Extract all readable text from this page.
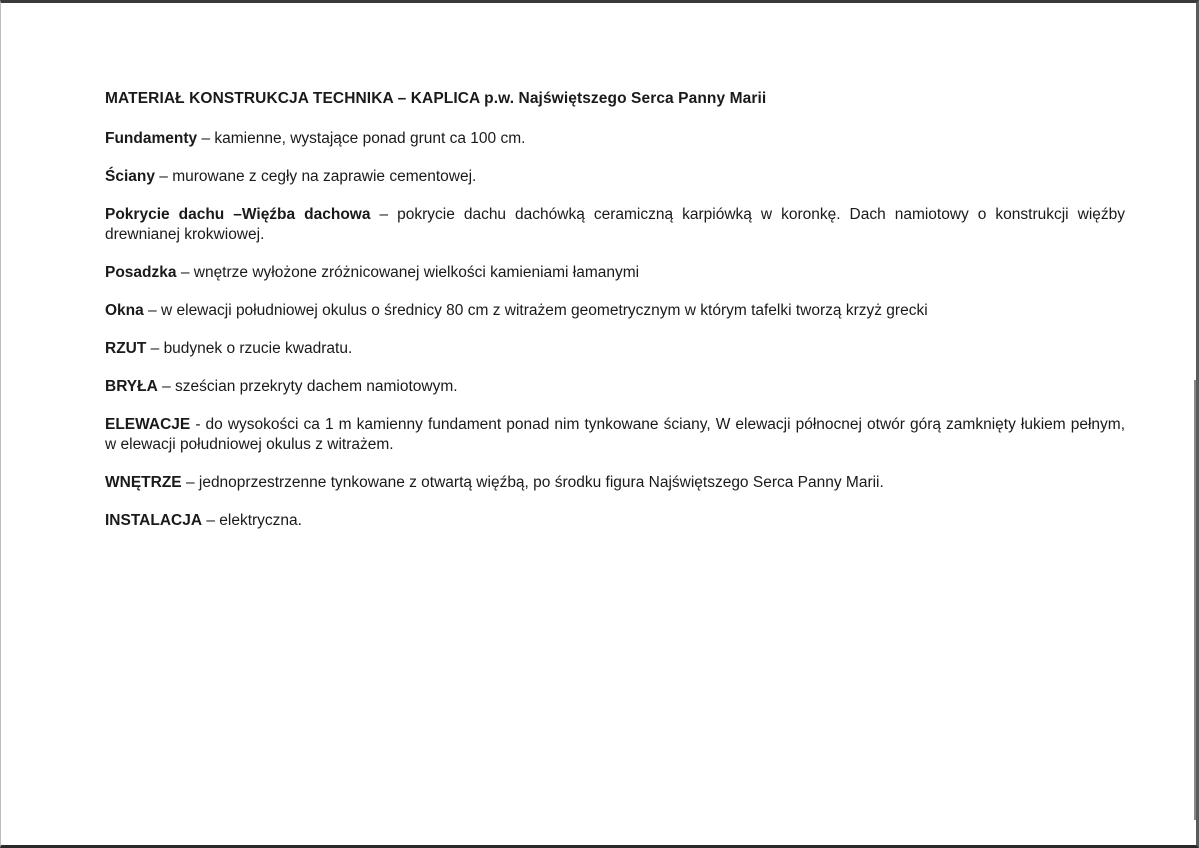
MATERIAŁ KONSTRUKCJA TECHNIKA – KAPLICA p.w. Najświętszego Serca Panny Marii

Fundamenty – kamienne, wystające ponad grunt ca 100 cm.

Ściany – murowane z cegły na zaprawie cementowej.

Pokrycie dachu –Więźba dachowa – pokrycie dachu dachówką ceramiczną karpiówką w koronkę. Dach namiotowy o konstrukcji więźby drewnianej krokwiowej.

Posadzka – wnętrze wyłożone zróżnicowanej wielkości kamieniami łamanymi

Okna – w elewacji południowej okulus o średnicy 80 cm z witrażem geometrycznym w którym tafelki tworzą krzyż grecki

RZUT – budynek o rzucie kwadratu.

BRYŁA – sześcian przekryty dachem namiotowym.

ELEWACJE - do wysokości ca 1 m kamienny fundament ponad nim tynkowane ściany, W elewacji północnej otwór górą zamknięty łukiem pełnym, w elewacji południowej okulus z witrażem.

WNĘTRZE – jednoprzestrzenne tynkowane z otwartą więźbą, po środku figura Najświętszego Serca Panny Marii.

INSTALACJA – elektryczna.
